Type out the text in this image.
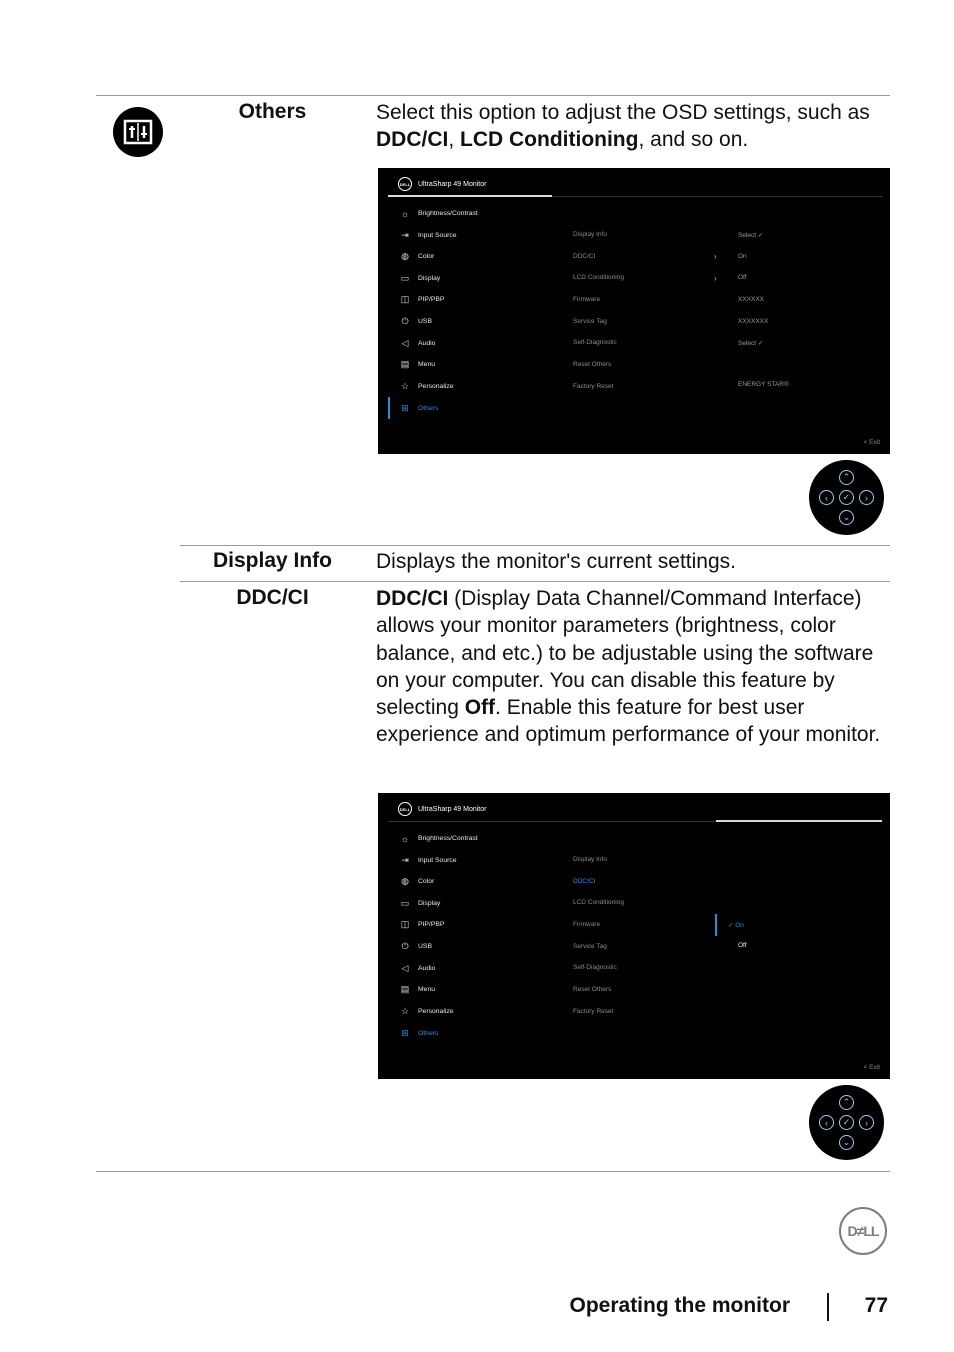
Others	Select this option to adjust the OSD settings, such as DDC/CI, LCD Conditioning, and so on.
DELL UltraSharp 49 Monitor
☼ Brightness/Contrast
⇥ Input Source
◍ Color
▭ Display
◫ PIP/PBP
⏻ USB
◁ Audio
▤ Menu
☆ Personalize
⊞ Others
Display Info
DDC/CI
LCD Conditioning
Firmware
Service Tag
Self-Diagnostic
Reset Others
Factory Reset
›
›
Select ✓
On
Off
XXXXXX
XXXXXXX
Select ✓
ENERGY STAR®
< Exit
⌃
‹	✓	›
⌄
Display Info	Displays the monitor's current settings.
DDC/CI	DDC/CI (Display Data Channel/Command Interface) allows your monitor parameters (brightness, color balance, and etc.) to be adjustable using the software on your computer. You can disable this feature by selecting Off. Enable this feature for best user experience and optimum performance of your monitor.
DELL UltraSharp 49 Monitor
☼ Brightness/Contrast
⇥ Input Source
◍ Color
▭ Display
◫ PIP/PBP
⏻ USB
◁ Audio
▤ Menu
☆ Personalize
⊞ Others
Display Info
DDC/CI
LCD Conditioning
Firmware
Service Tag
Self-Diagnostic
Reset Others
Factory Reset
✓ On
Off
< Exit
⌃
‹	✓	›
⌄
D≠LL
Operating the monitor	77
